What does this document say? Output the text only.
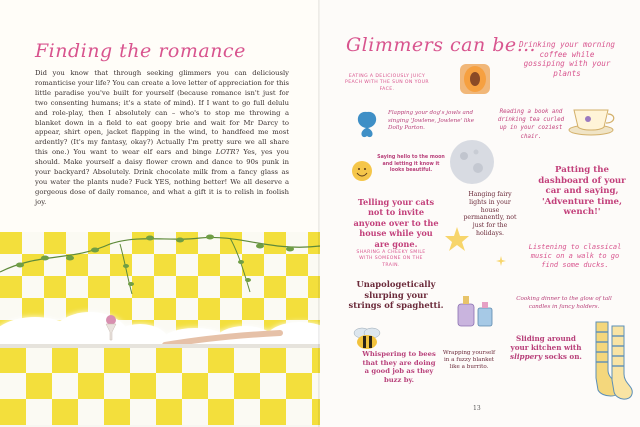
Finding the romance
Did you know that through seeking glimmers you can deliciously romanticise your life? You can create a love letter of appreciation for this little paradise you've built for yourself (because romance isn't just for two consenting humans; it's a state of mind). If I want to go full delulu and role-play, then I absolutely can – who's to stop me throwing a blanket down in a field to eat goopy brie and wait for Mr Darcy to appear, shirt open, jacket flapping in the wind, to handfeed me most ardently? (It's my fantasy, okay?) Actually I'm pretty sure we all share this one.) You want to wear elf ears and binge LOTR? Yes, yes you should. Make yourself a daisy flower crown and dance to 90s punk in your backyard? Absolutely. Drink chocolate milk from a fancy glass as you water the plants nude? Fuck YES, nothing better! We all deserve a gorgeous dose of daily romance, and what a gift it is to relish in foolish joy.
Glimmers can be…
EATING A DELICIOUSLY JUICY PEACH WITH THE SUN ON YOUR FACE.
Drinking your morning coffee while gossiping with your plants
Flapping your dog's jowls and singing 'Jowlene, Jowlene' like Dolly Parton.
Reading a book and drinking tea curled up in your coziest chair.
Saying hello to the moon and letting it know it looks beautiful.	Patting the dashboard of your car and saying, 'Adventure time, wench!'
Telling your cats not to invite anyone over to the house while you are gone.
Hanging fairy lights in your house permanently, not just for the holidays.
SHARING A CHEEKY SMILE WITH SOMEONE ON THE TRAIN.
Listening to classical music on a walk to go find some ducks.
Unapologetically slurping your strings of spaghetti.
Cooking dinner to the glow of tall candles in fancy holders.
Sliding around your kitchen with slippery socks on.
Whispering to bees that they are doing a good job as they buzz by.
Wrapping yourself in a fuzzy blanket like a burrito.
13
